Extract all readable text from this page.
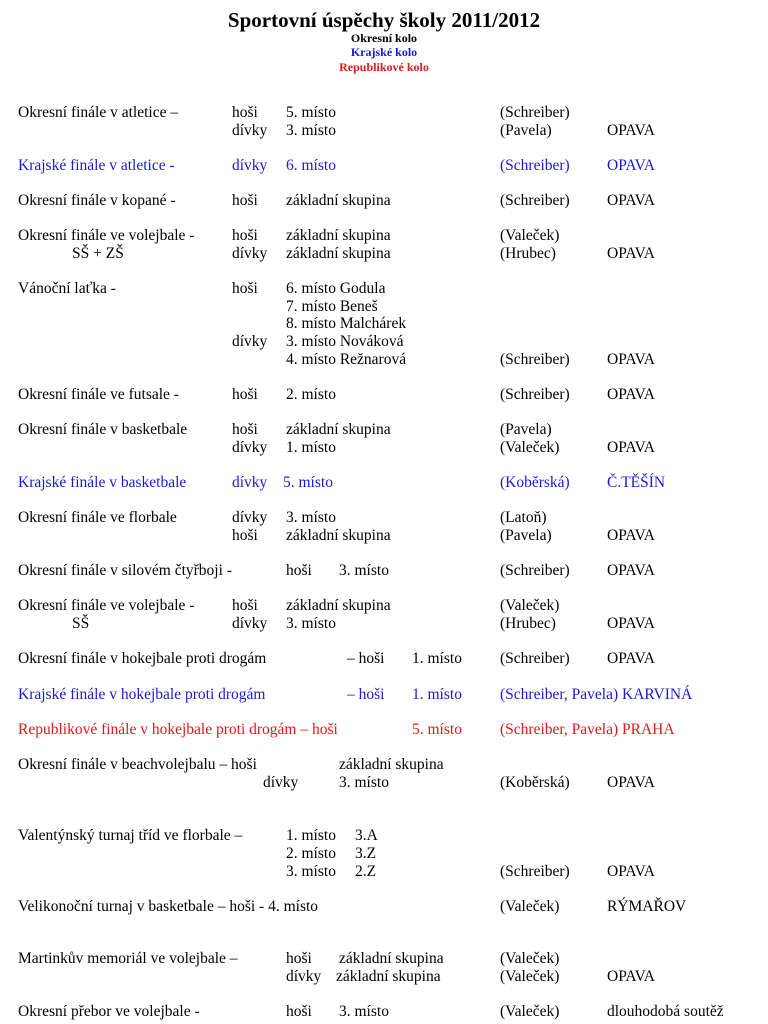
Sportovní úspěchy školy 2011/2012
Okresní kolo
Krajské kolo
Republikové kolo
Okresní finále v atletice –	hoši 5. místo	(Schreiber)
dívky 3. místo	(Pavela)	OPAVA
Krajské finále v atletice -	dívky 6. místo	(Schreiber) OPAVA
Okresní finále v kopané -	hoši základní skupina	(Schreiber) OPAVA
Okresní finále ve volejbale -
SŠ + ZŠ
hoši základní skupina	(Valeček)
dívky základní skupina	(Hrubec)	OPAVA
Vánoční laťka -	hoši 6. místo Godula
7. místo Beneš
8. místo Malchárek
dívky 3. místo Nováková
4. místo Režnarová	(Schreiber) OPAVA
Okresní finále ve futsale -	hoši 2. místo	(Schreiber) OPAVA
Okresní finále v basketbale	hoši základní skupina	(Pavela)
dívky 1. místo	(Valeček)	OPAVA
Krajské finále v basketbale	dívky 5. místo	(Koběrská) Č.TĚŠÍN
Okresní finále ve florbale	dívky 3. místo	(Latoň)
hoši základní skupina	(Pavela)	OPAVA
Okresní finále v silovém čtyřboji -	hoši 3. místo	(Schreiber) OPAVA
Okresní finále ve volejbale -
SŠ
hoši základní skupina	(Valeček)
dívky 3. místo	(Hrubec)	OPAVA
Okresní finále v hokejbale proti drogám	– hoši 1. místo (Schreiber) OPAVA
Krajské finále v hokejbale proti drogám	– hoši 1. místo (Schreiber, Pavela) KARVINÁ
Republikové finále v hokejbale proti drogám – hoši	5. místo (Schreiber, Pavela) PRAHA
Okresní finále v beachvolejbalu – hoši	základní skupina
dívky	3. místo	(Koběrská) OPAVA
Valentýnský turnaj tříd ve florbale –	1. místo 3.A
2. místo 3.Z
3. místo 2.Z	(Schreiber) OPAVA
Velikonoční turnaj v basketbale – hoši - 4. místo	(Valeček)	RÝMAŘOV
Martinkův memoriál ve volejbale –	hoši základní skupina	(Valeček)
dívky základní skupina	(Valeček)	OPAVA
Okresní přebor ve volejbale -	hoši 3. místo	(Valeček)	dlouhodobá soutěž
